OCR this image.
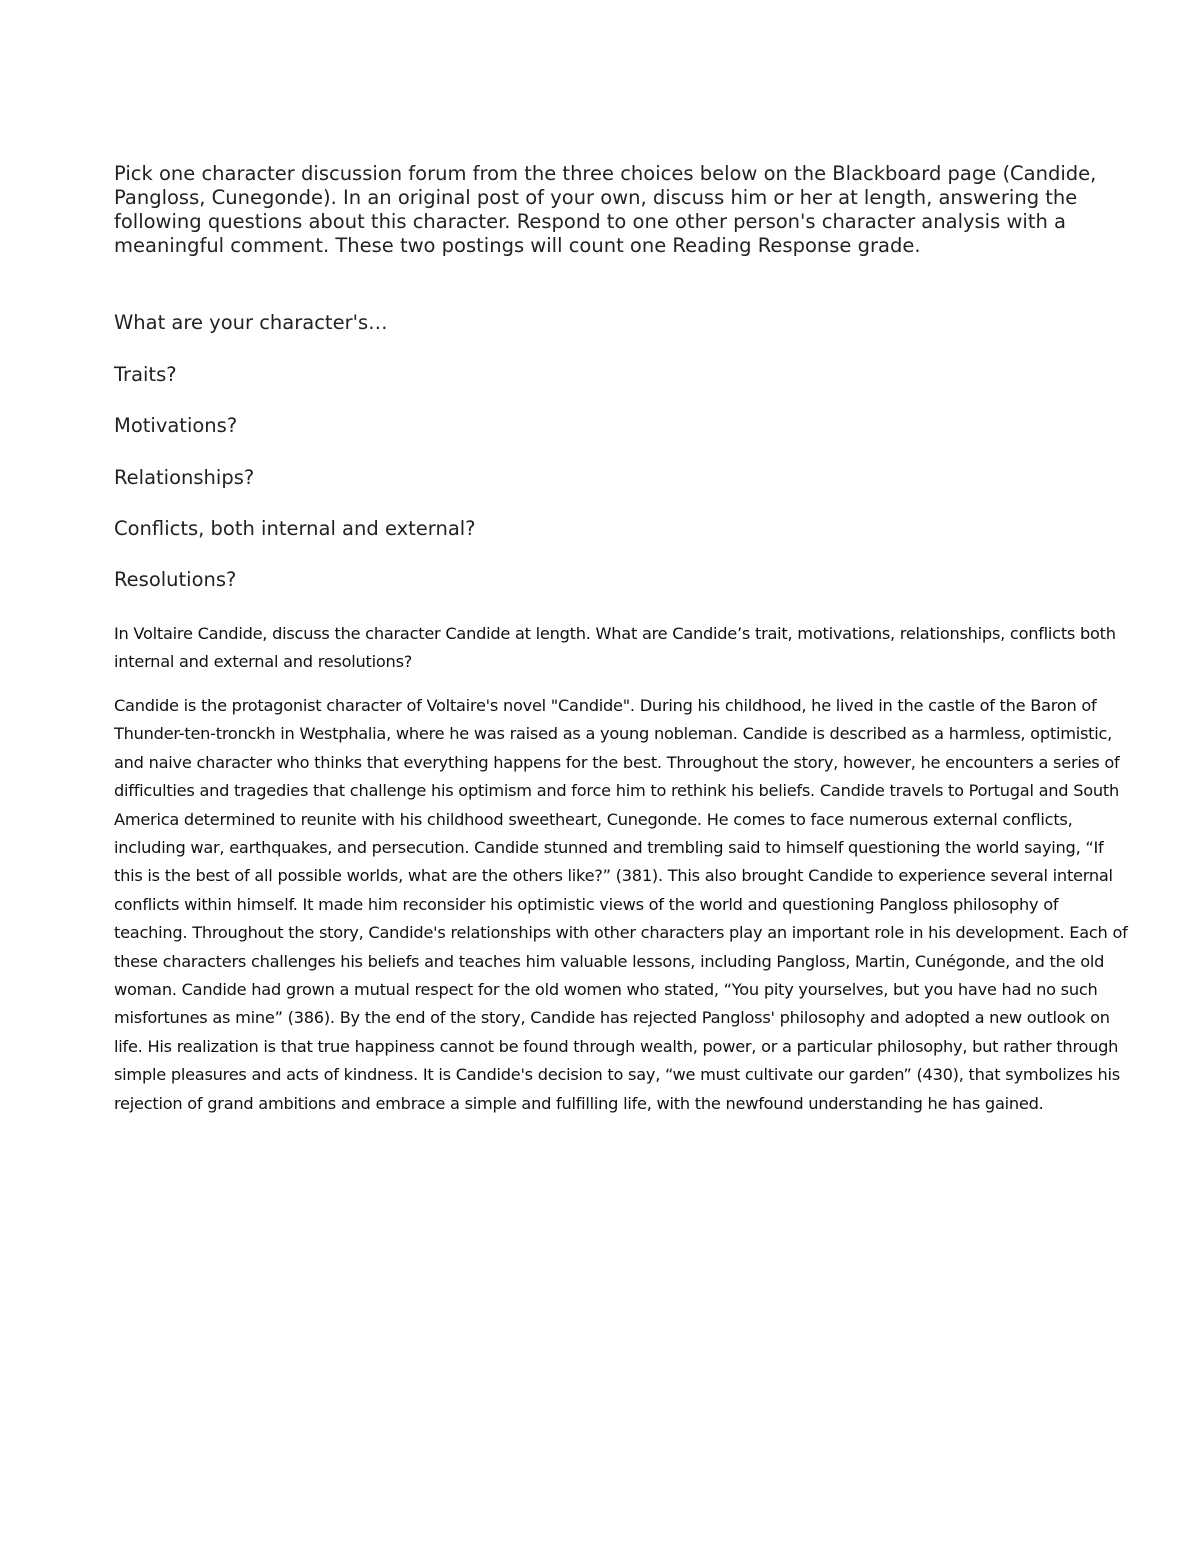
Pick one character discussion forum from the three choices below on the Blackboard page (Candide, Pangloss, Cunegonde). In an original post of your own, discuss him or her at length, answering the following questions about this character. Respond to one other person's character analysis with a meaningful comment. These two postings will count one Reading Response grade.

What are your character's…

Traits?

Motivations?

Relationships?

Conflicts, both internal and external?

Resolutions?

In Voltaire Candide, discuss the character Candide at length. What are Candide’s trait, motivations, relationships, conflicts both internal and external and resolutions?

Candide is the protagonist character of Voltaire's novel "Candide". During his childhood, he lived in the castle of the Baron of Thunder-ten-tronckh in Westphalia, where he was raised as a young nobleman. Candide is described as a harmless, optimistic, and naive character who thinks that everything happens for the best. Throughout the story, however, he encounters a series of difficulties and tragedies that challenge his optimism and force him to rethink his beliefs. Candide travels to Portugal and South America determined to reunite with his childhood sweetheart, Cunegonde. He comes to face numerous external conflicts, including war, earthquakes, and persecution. Candide stunned and trembling said to himself questioning the world saying, “If this is the best of all possible worlds, what are the others like?” (381). This also brought Candide to experience several internal conflicts within himself. It made him reconsider his optimistic views of the world and questioning Pangloss philosophy of teaching. Throughout the story, Candide's relationships with other characters play an important role in his development. Each of these characters challenges his beliefs and teaches him valuable lessons, including Pangloss, Martin, Cunégonde, and the old woman. Candide had grown a mutual respect for the old women who stated, “You pity yourselves, but you have had no such misfortunes as mine” (386). By the end of the story, Candide has rejected Pangloss' philosophy and adopted a new outlook on life. His realization is that true happiness cannot be found through wealth, power, or a particular philosophy, but rather through simple pleasures and acts of kindness. It is Candide's decision to say, “we must cultivate our garden” (430), that symbolizes his rejection of grand ambitions and embrace a simple and fulfilling life, with the newfound understanding he has gained.
